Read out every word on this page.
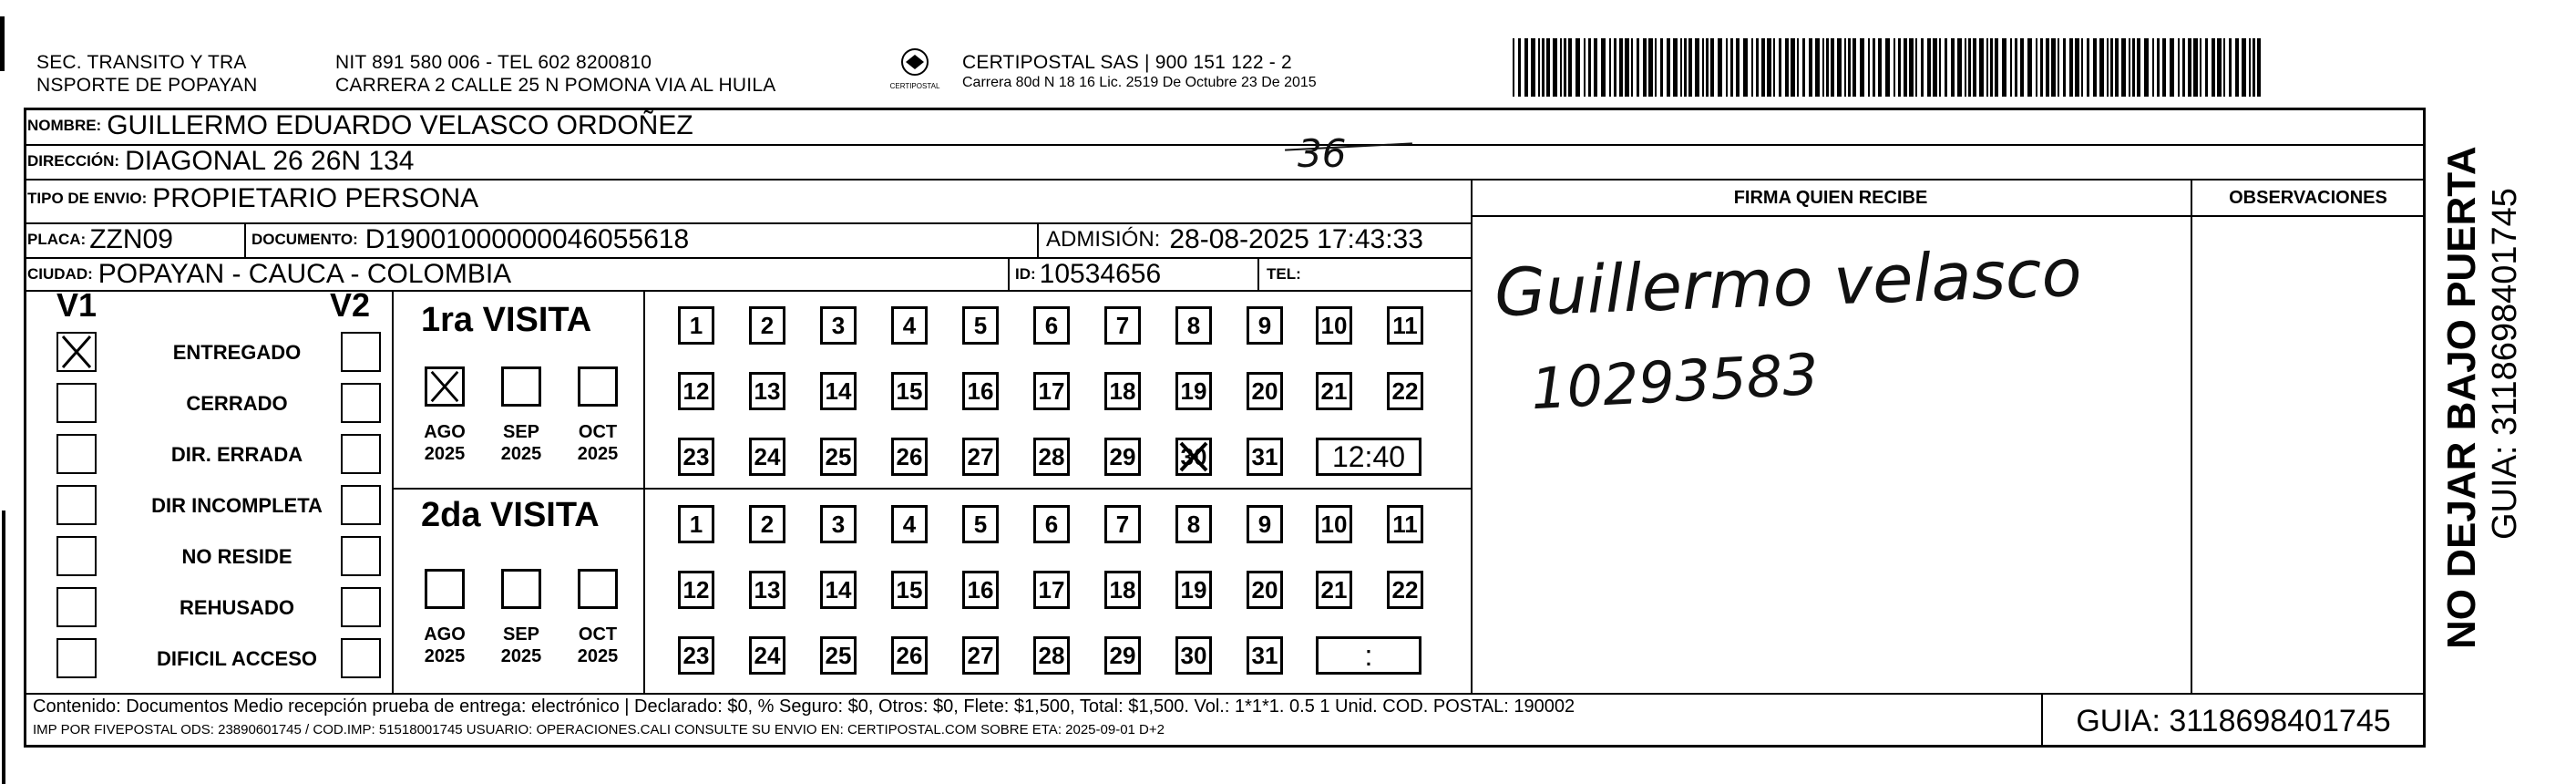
SEC. TRANSITO Y TRA
NSPORTE DE POPAYAN
NIT 891 580 006 - TEL 602 8200810
CARRERA 2 CALLE 25 N POMONA VIA AL HUILA	CERTIPOSTAL
CERTIPOSTAL SAS | 900 151 122 - 2
Carrera 80d N 18 16 Lic. 2519 De Octubre 23 De 2015
NOMBRE: GUILLERMO EDUARDO VELASCO ORDOÑEZ
DIRECCIÓN: DIAGONAL 26 26N 134	36
TIPO DE ENVIO: PROPIETARIO PERSONA
PLACA: ZZN09	DOCUMENTO: D19001000000046055618	ADMISIÓN: 28-08-2025 17:43:33
CIUDAD: POPAYAN - CAUCA - COLOMBIA	ID: 10534656	TEL:
FIRMA QUIEN RECIBE
Guillermo velasco
10293583
OBSERVACIONES
V1	V2
ENTREGADO
CERRADO
DIR. ERRADA
DIR INCOMPLETA
NO RESIDE
REHUSADO
DIFICIL ACCESO
1ra VISITA
AGO
2025
SEP
2025
OCT
2025
1	2	3	4	5	6	7	8	9	10 11
12 13 14 15 16 17 18 19 20 21 22
23 24 25 26 27 28 29 30 31	12:40
2da VISITA
AGO
2025
SEP
2025
OCT
2025
1	2	3	4	5	6	7	8	9	10 11
12 13 14 15 16 17 18 19 20 21 22
23 24 25 26 27 28 29 30 31	:
Contenido: Documentos Medio recepción prueba de entrega: electrónico | Declarado: $0, % Seguro: $0, Otros: $0, Flete: $1,500, Total: $1,500. Vol.: 1*1*1. 0.5 1 Unid. COD. POSTAL: 190002
IMP POR FIVEPOSTAL ODS: 23890601745 / COD.IMP: 51518001745 USUARIO: OPERACIONES.CALI CONSULTE SU ENVIO EN: CERTIPOSTAL.COM SOBRE ETA: 2025-09-01 D+2	GUIA: 3118698401745
NO DEJAR BAJO PUERTA GUIA: 3118698401745
